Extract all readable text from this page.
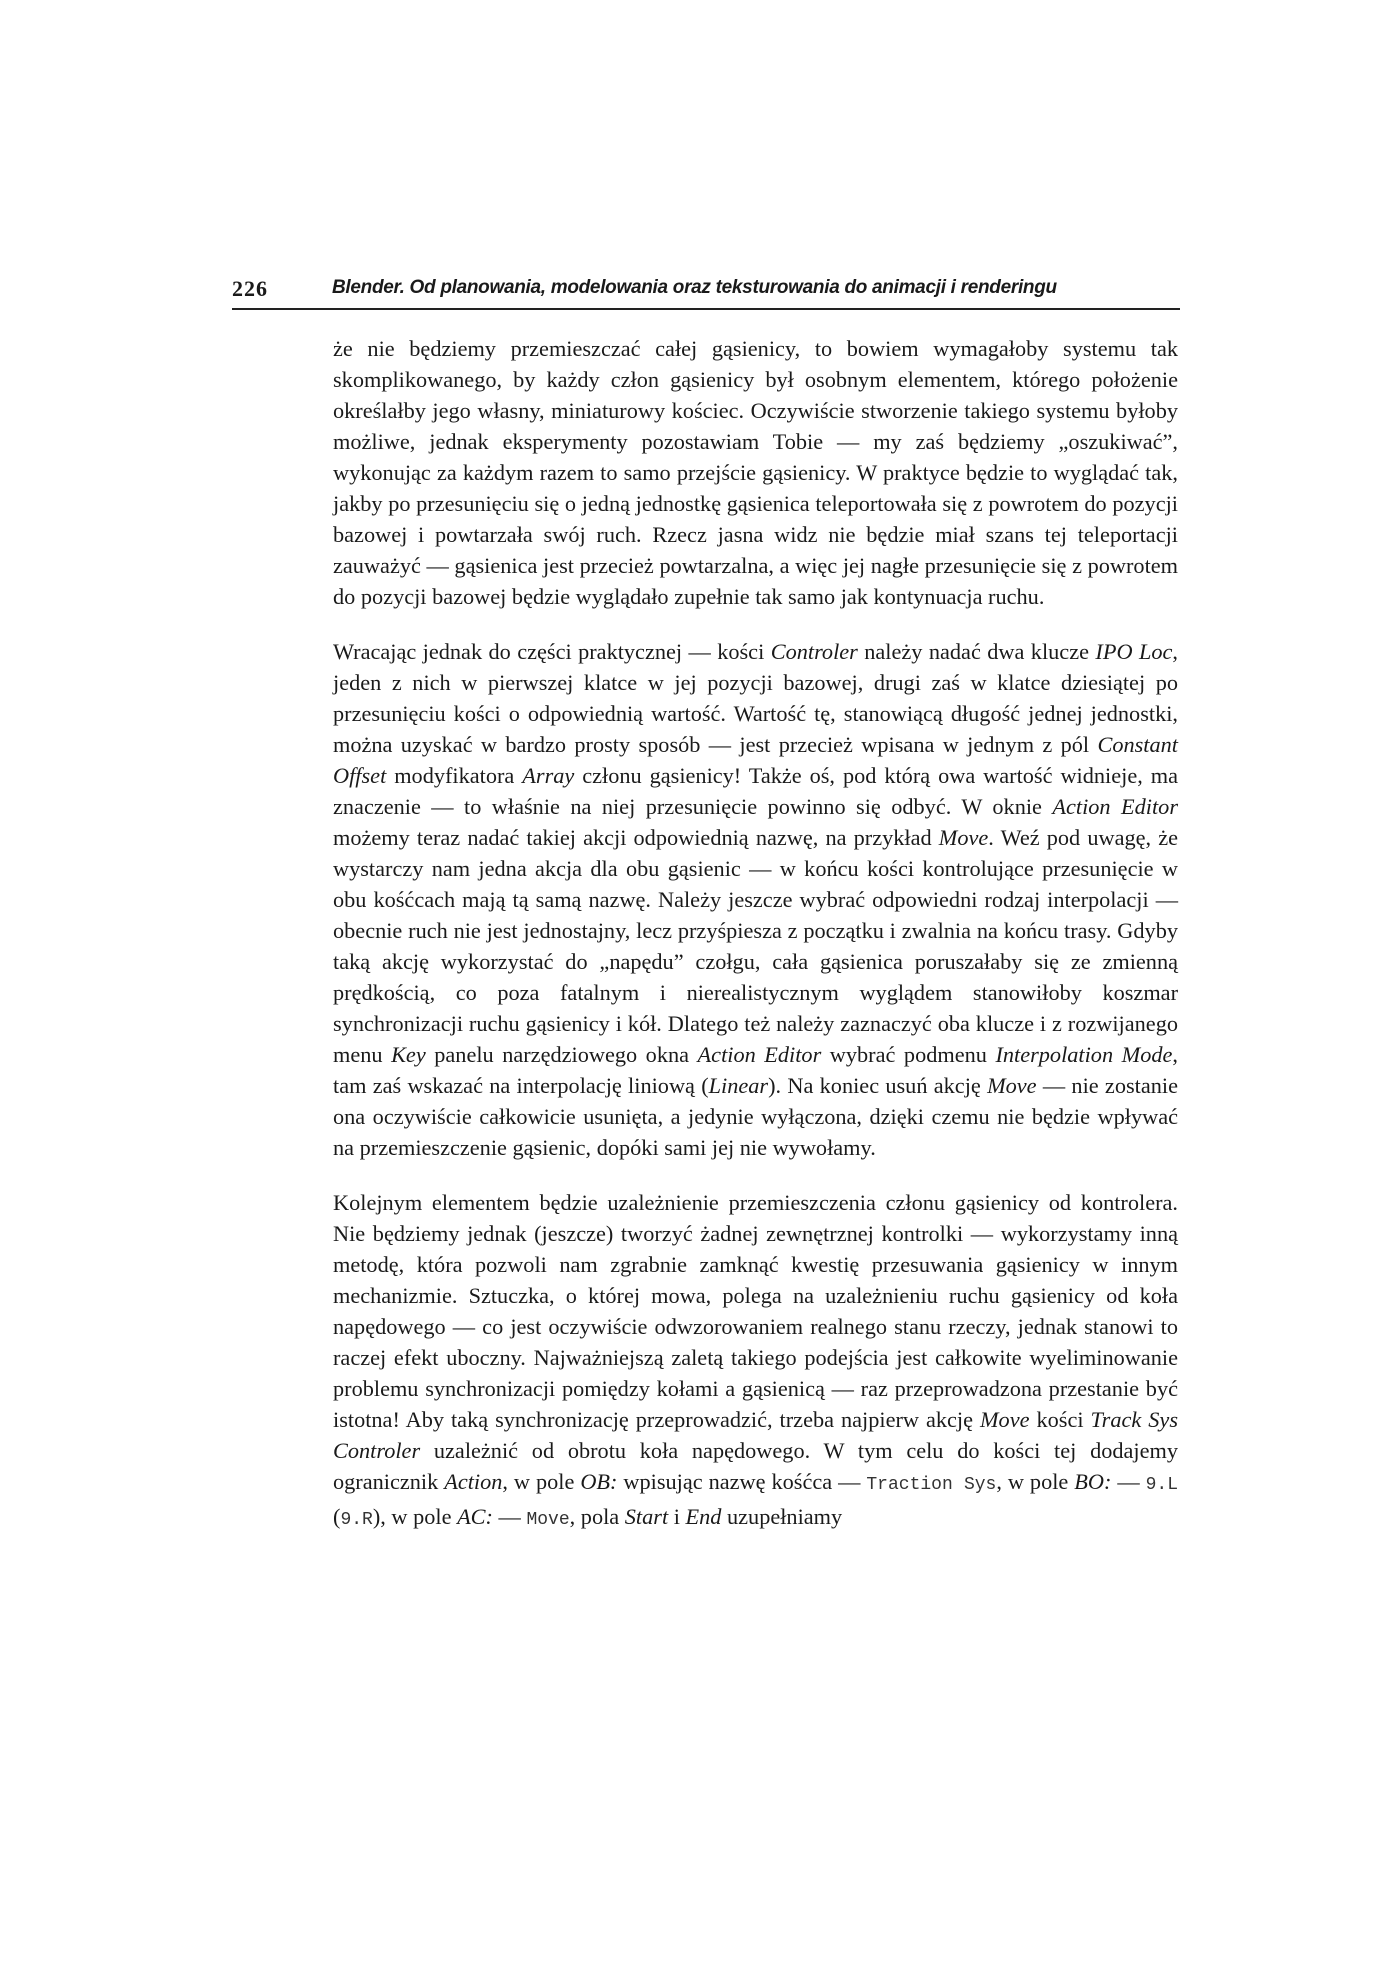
226	Blender. Od planowania, modelowania oraz teksturowania do animacji i renderingu

że nie będziemy przemieszczać całej gąsienicy, to bowiem wymagałoby systemu tak skomplikowanego, by każdy człon gąsienicy był osobnym elementem, którego położenie określałby jego własny, miniaturowy kościec. Oczywiście stworzenie takiego systemu byłoby możliwe, jednak eksperymenty pozostawiam Tobie — my zaś będziemy „oszukiwać”, wykonując za każdym razem to samo przejście gąsienicy. W praktyce będzie to wyglądać tak, jakby po przesunięciu się o jedną jednostkę gąsienica teleportowała się z powrotem do pozycji bazowej i powtarzała swój ruch. Rzecz jasna widz nie będzie miał szans tej teleportacji zauważyć — gąsienica jest przecież powtarzalna, a więc jej nagłe przesunięcie się z powrotem do pozycji bazowej będzie wyglądało zupełnie tak samo jak kontynuacja ruchu.

Wracając jednak do części praktycznej — kości Controler należy nadać dwa klucze IPO Loc, jeden z nich w pierwszej klatce w jej pozycji bazowej, drugi zaś w klatce dziesiątej po przesunięciu kości o odpowiednią wartość. Wartość tę, stanowiącą długość jednej jednostki, można uzyskać w bardzo prosty sposób — jest przecież wpisana w jednym z pól Constant Offset modyfikatora Array członu gąsienicy! Także oś, pod którą owa wartość widnieje, ma znaczenie — to właśnie na niej przesunięcie powinno się odbyć. W oknie Action Editor możemy teraz nadać takiej akcji odpowiednią nazwę, na przykład Move. Weź pod uwagę, że wystarczy nam jedna akcja dla obu gąsienic — w końcu kości kontrolujące przesunięcie w obu kośćcach mają tą samą nazwę. Należy jeszcze wybrać odpowiedni rodzaj interpolacji — obecnie ruch nie jest jednostajny, lecz przyśpiesza z początku i zwalnia na końcu trasy. Gdyby taką akcję wykorzystać do „napędu” czołgu, cała gąsienica poruszałaby się ze zmienną prędkością, co poza fatalnym i nierealistycznym wyglądem stanowiłoby koszmar synchronizacji ruchu gąsienicy i kół. Dlatego też należy zaznaczyć oba klucze i z rozwijanego menu Key panelu narzędziowego okna Action Editor wybrać podmenu Interpolation Mode, tam zaś wskazać na interpolację liniową (Linear). Na koniec usuń akcję Move — nie zostanie ona oczywiście całkowicie usunięta, a jedynie wyłączona, dzięki czemu nie będzie wpływać na przemieszczenie gąsienic, dopóki sami jej nie wywołamy.

Kolejnym elementem będzie uzależnienie przemieszczenia członu gąsienicy od kontrolera. Nie będziemy jednak (jeszcze) tworzyć żadnej zewnętrznej kontrolki — wykorzystamy inną metodę, która pozwoli nam zgrabnie zamknąć kwestię przesuwania gąsienicy w innym mechanizmie. Sztuczka, o której mowa, polega na uzależnieniu ruchu gąsienicy od koła napędowego — co jest oczywiście odwzorowaniem realnego stanu rzeczy, jednak stanowi to raczej efekt uboczny. Najważniejszą zaletą takiego podejścia jest całkowite wyeliminowanie problemu synchronizacji pomiędzy kołami a gąsienicą — raz przeprowadzona przestanie być istotna! Aby taką synchronizację przeprowadzić, trzeba najpierw akcję Move kości Track Sys Controler uzależnić od obrotu koła napędowego. W tym celu do kości tej dodajemy ogranicznik Action, w pole OB: wpisując nazwę kośćca — Traction Sys, w pole BO: — 9.L (9.R), w pole AC: — Move, pola Start i End uzupełniamy
